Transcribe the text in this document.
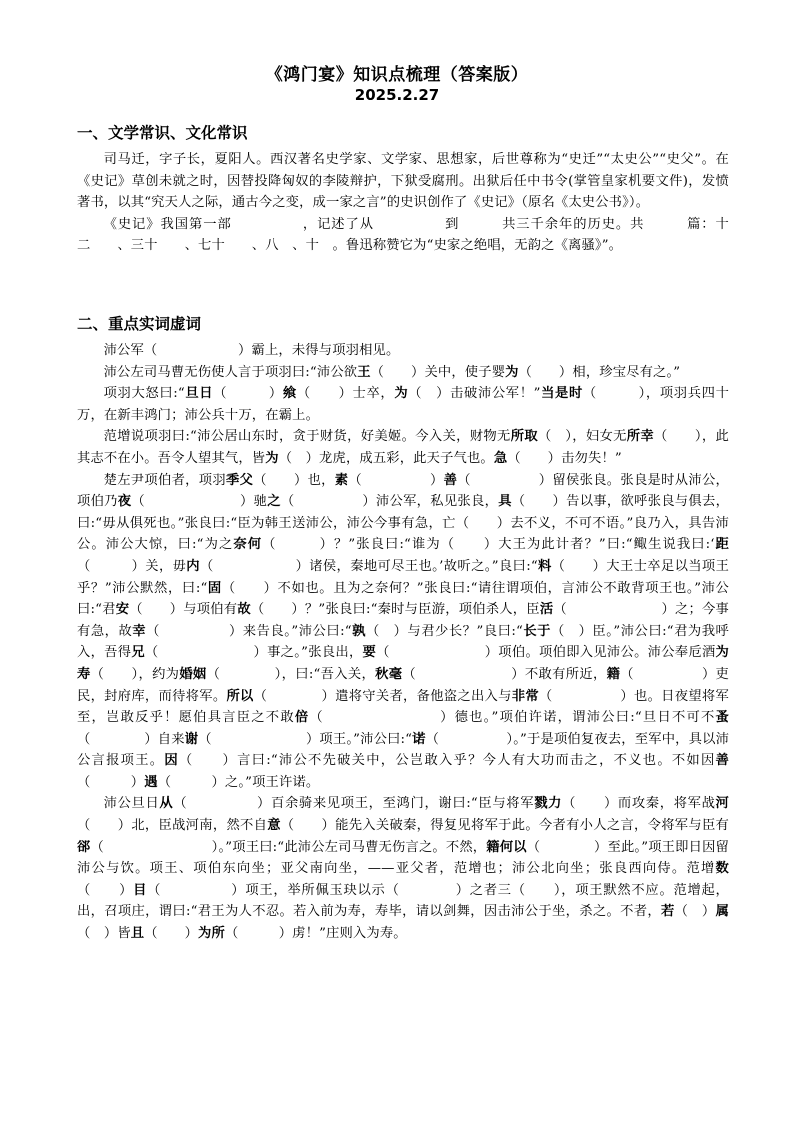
《鸿门宴》知识点梳理（答案版）
2025.2.27
一、文学常识、文化常识

司马迁，字子长，夏阳人。西汉著名史学家、文学家、思想家，后世尊称为“史迁”“太史公”“史父”。在《史记》草创未就之时，因替投降匈奴的李陵辩护，下狱受腐刑。出狱后任中书令(掌管皇家机要文件)，发愤著书，以其“究天人之际，通古今之变，成一家之言”的史识创作了《史记》（原名《太史公书》）。

《史记》我国第一部　　　　　，记述了从　　　　　到　　　共三千余年的历史。共　　　篇：十二　　、三十　　、七十　　、八　、十　。鲁迅称赞它为“史家之绝唱，无韵之《离骚》”。

二、重点实词虚词

沛公军（　　　　　　）霸上，未得与项羽相见。

沛公左司马曹无伤使人言于项羽曰:“沛公欲王（　　）关中，使子婴为（　　）相，珍宝尽有之。”

项羽大怒曰:“旦日（　　　）飨（　　）士卒，为（　）击破沛公军！”当是时（　　　），项羽兵四十万，在新丰鸿门；沛公兵十万，在霸上。

范增说项羽曰:“沛公居山东时，贪于财货，好美姬。今入关，财物无所取（　），妇女无所幸（　　），此其志不在小。吾令人望其气，皆为（　）龙虎，成五彩，此天子气也。急（　　）击勿失！”

楚左尹项伯者，项羽季父（　　）也，素（　　　　　）善（　　　　　）留侯张良。张良是时从沛公，项伯乃夜（　　　　　　　）驰之（　　　　　）沛公军，私见张良，具（　　）告以事，欲呼张良与俱去，曰:“毋从俱死也。”张良曰:“臣为韩王送沛公，沛公今事有急，亡（　　）去不义，不可不语。”良乃入，具告沛公。沛公大惊，曰:“为之奈何（　　　）？”张良曰:“谁为（　　）大王为此计者？”曰:“鲰生说我曰:‘距（　　　）关，毋内（　　　　　　）诸侯，秦地可尽王也。’故听之。”良曰:“料（　　）大王士卒足以当项王乎？”沛公默然，曰:“固（　　）不如也。且为之奈何？”张良曰:“请往谓项伯，言沛公不敢背项王也。”沛公曰:“君安（　　）与项伯有故（　　）？”张良曰:“秦时与臣游，项伯杀人，臣活（　　　　　　　）之；今事有急，故幸（　　　　　）来告良。”沛公曰:“孰（　）与君少长？”良曰:“长于（　）臣。”沛公曰:“君为我呼入，吾得兄（　　　　　　　）事之。”张良出，要（　　　　　　　）项伯。项伯即入见沛公。沛公奉卮酒为寿（　　），约为婚姻（　　　　），曰:“吾入关，秋毫（　　　　　　　）不敢有所近，籍（　　　　　）吏民，封府库，而待将军。所以（　　　　）遣将守关者，备他盗之出入与非常（　　　　　）也。日夜望将军至，岂敢反乎！愿伯具言臣之不敢倍（　　　　　　　　）德也。”项伯许诺，谓沛公曰:“旦日不可不蚤（　　　　）自来谢（　　　　　　　）项王。”沛公曰:“诺（　　　　　）。”于是项伯复夜去，至军中，具以沛公言报项王。因（　　）言曰:“沛公不先破关中，公岂敢入乎？今人有大功而击之，不义也。不如因善（　　　）遇（　　　）之。”项王许诺。

沛公旦日从（　　　　　）百余骑来见项王，至鸿门，谢曰:“臣与将军戮力（　　）而攻秦，将军战河（　　）北，臣战河南，然不自意（　　）能先入关破秦，得复见将军于此。今者有小人之言，令将军与臣有郤（　　　　　　　　）。”项王曰:“此沛公左司马曹无伤言之。不然，籍何以（　　　　）至此。”项王即日因留沛公与饮。项王、项伯东向坐；亚父南向坐，——亚父者，范增也；沛公北向坐；张良西向侍。范增数（　　）目（　　　　　）项王，举所佩玉玦以示（　　　　）之者三（　　），项王默然不应。范增起，出，召项庄，谓曰:“君王为人不忍。若入前为寿，寿毕，请以剑舞，因击沛公于坐，杀之。不者，若（　）属（　）皆且（　　）为所（　　　）虏！”庄则入为寿。
